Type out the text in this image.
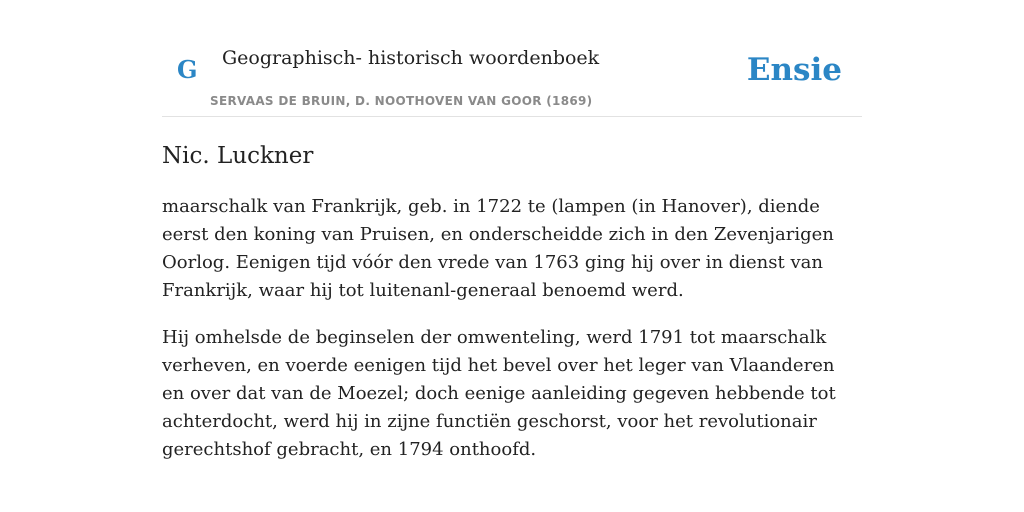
G Geographisch- historisch woordenboek
SERVAAS DE BRUIN, D. NOOTHOVEN VAN GOOR (1869)
Ensie
Nic. Luckner

maarschalk van Frankrijk, geb. in 1722 te (lampen (in Hanover), diende eerst den koning van Pruisen, en onderscheidde zich in den Zevenjarigen Oorlog. Eenigen tijd vóór den vrede van 1763 ging hij over in dienst van Frankrijk, waar hij tot luitenanl-generaal benoemd werd.

Hij omhelsde de beginselen der omwenteling, werd 1791 tot maarschalk verheven, en voerde eenigen tijd het bevel over het leger van Vlaanderen en over dat van de Moezel; doch eenige aanleiding gegeven hebbende tot achterdocht, werd hij in zijne functiën geschorst, voor het revolutionair gerechtshof gebracht, en 1794 onthoofd.
